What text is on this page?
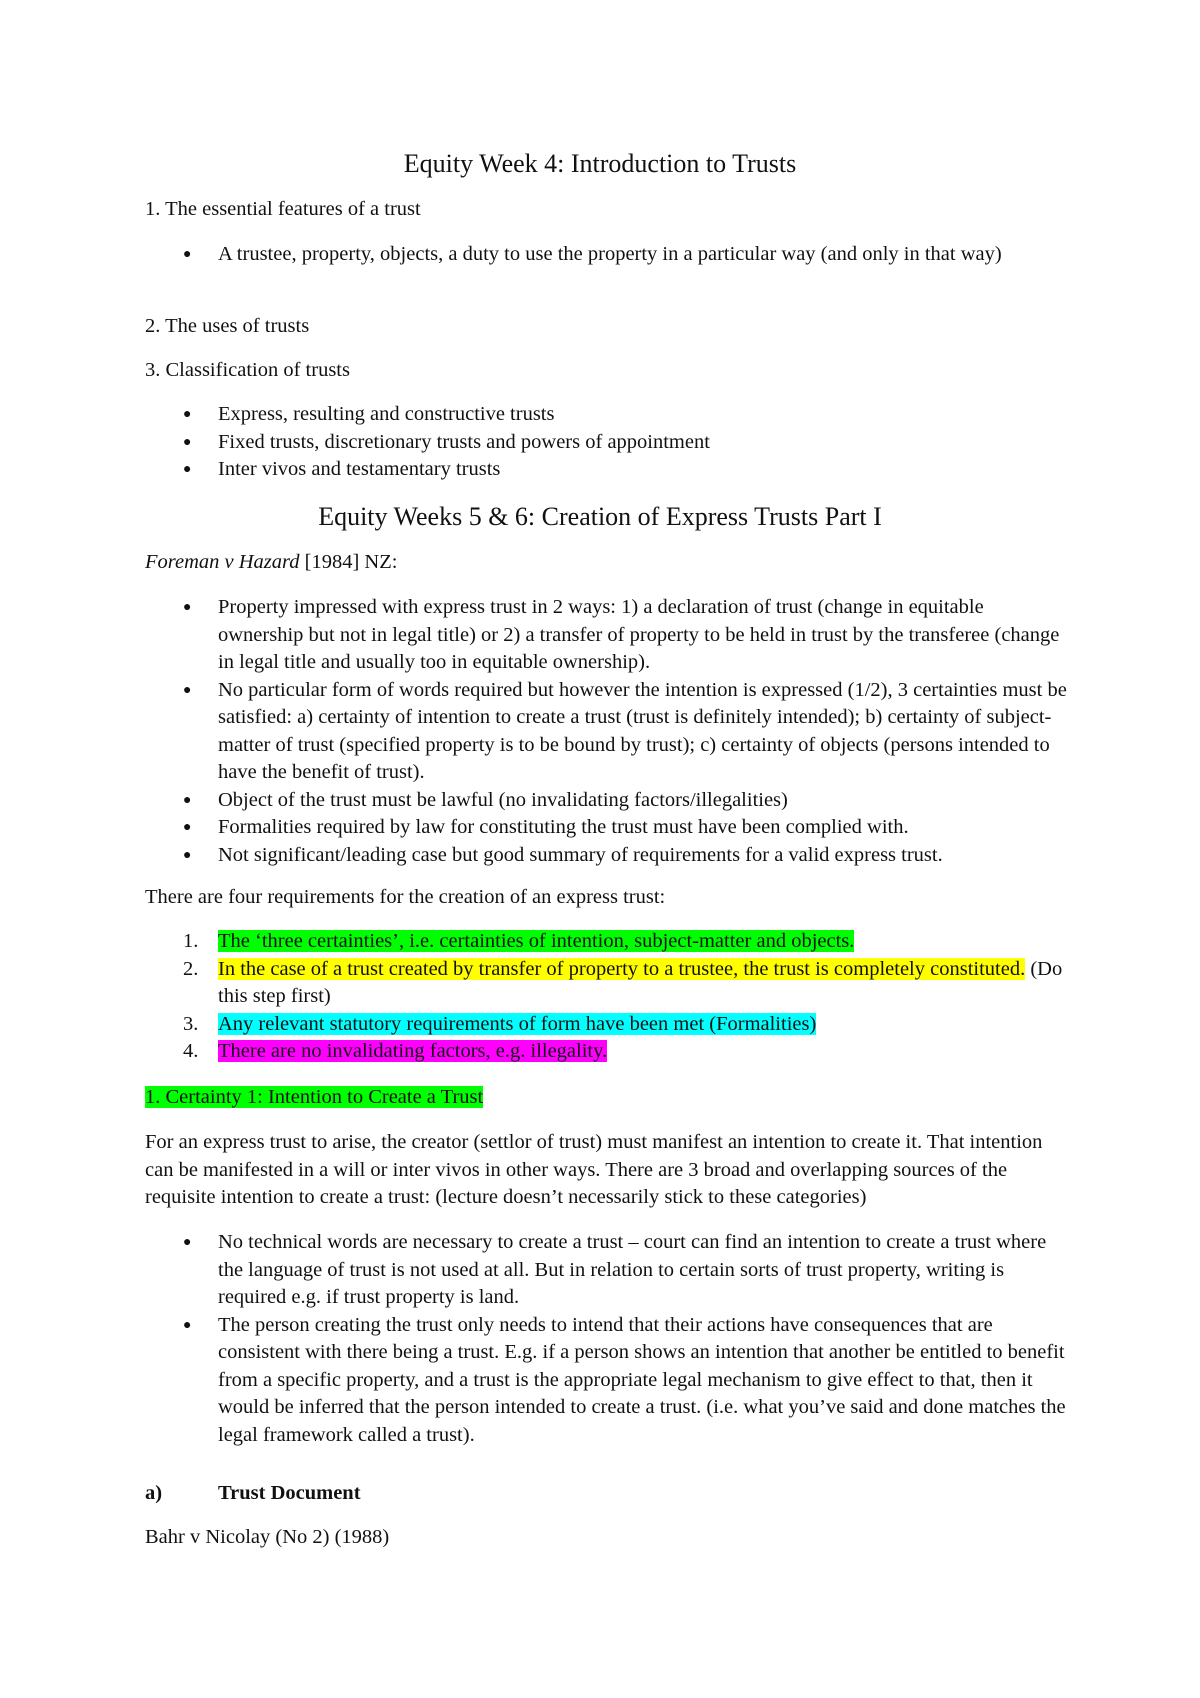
Equity Week 4: Introduction to Trusts

1. The essential features of a trust

● A trustee, property, objects, a duty to use the property in a particular way (and only in that way)

2. The uses of trusts

3. Classification of trusts

● Express, resulting and constructive trusts
● Fixed trusts, discretionary trusts and powers of appointment
● Inter vivos and testamentary trusts
Equity Weeks 5 & 6: Creation of Express Trusts Part I

Foreman v Hazard [1984] NZ:

● Property impressed with express trust in 2 ways: 1) a declaration of trust (change in equitable ownership but not in legal title) or 2) a transfer of property to be held in trust by the transferee (change in legal title and usually too in equitable ownership).
● No particular form of words required but however the intention is expressed (1/2), 3 certainties must be satisfied: a) certainty of intention to create a trust (trust is definitely intended); b) certainty of subject-matter of trust (specified property is to be bound by trust); c) certainty of objects (persons intended to have the benefit of trust).
● Object of the trust must be lawful (no invalidating factors/illegalities)
● Formalities required by law for constituting the trust must have been complied with.
● Not significant/leading case but good summary of requirements for a valid express trust.

There are four requirements for the creation of an express trust:

1. The ‘three certainties’, i.e. certainties of intention, subject-matter and objects.
2. In the case of a trust created by transfer of property to a trustee, the trust is completely constituted. (Do this step first)
3. Any relevant statutory requirements of form have been met (Formalities)
4. There are no invalidating factors, e.g. illegality.

1. Certainty 1: Intention to Create a Trust

For an express trust to arise, the creator (settlor of trust) must manifest an intention to create it. That intention can be manifested in a will or inter vivos in other ways. There are 3 broad and overlapping sources of the requisite intention to create a trust: (lecture doesn’t necessarily stick to these categories)

● No technical words are necessary to create a trust – court can find an intention to create a trust where the language of trust is not used at all. But in relation to certain sorts of trust property, writing is required e.g. if trust property is land.
● The person creating the trust only needs to intend that their actions have consequences that are consistent with there being a trust. E.g. if a person shows an intention that another be entitled to benefit from a specific property, and a trust is the appropriate legal mechanism to give effect to that, then it would be inferred that the person intended to create a trust. (i.e. what you’ve said and done matches the legal framework called a trust).

a)	Trust Document

Bahr v Nicolay (No 2) (1988)
